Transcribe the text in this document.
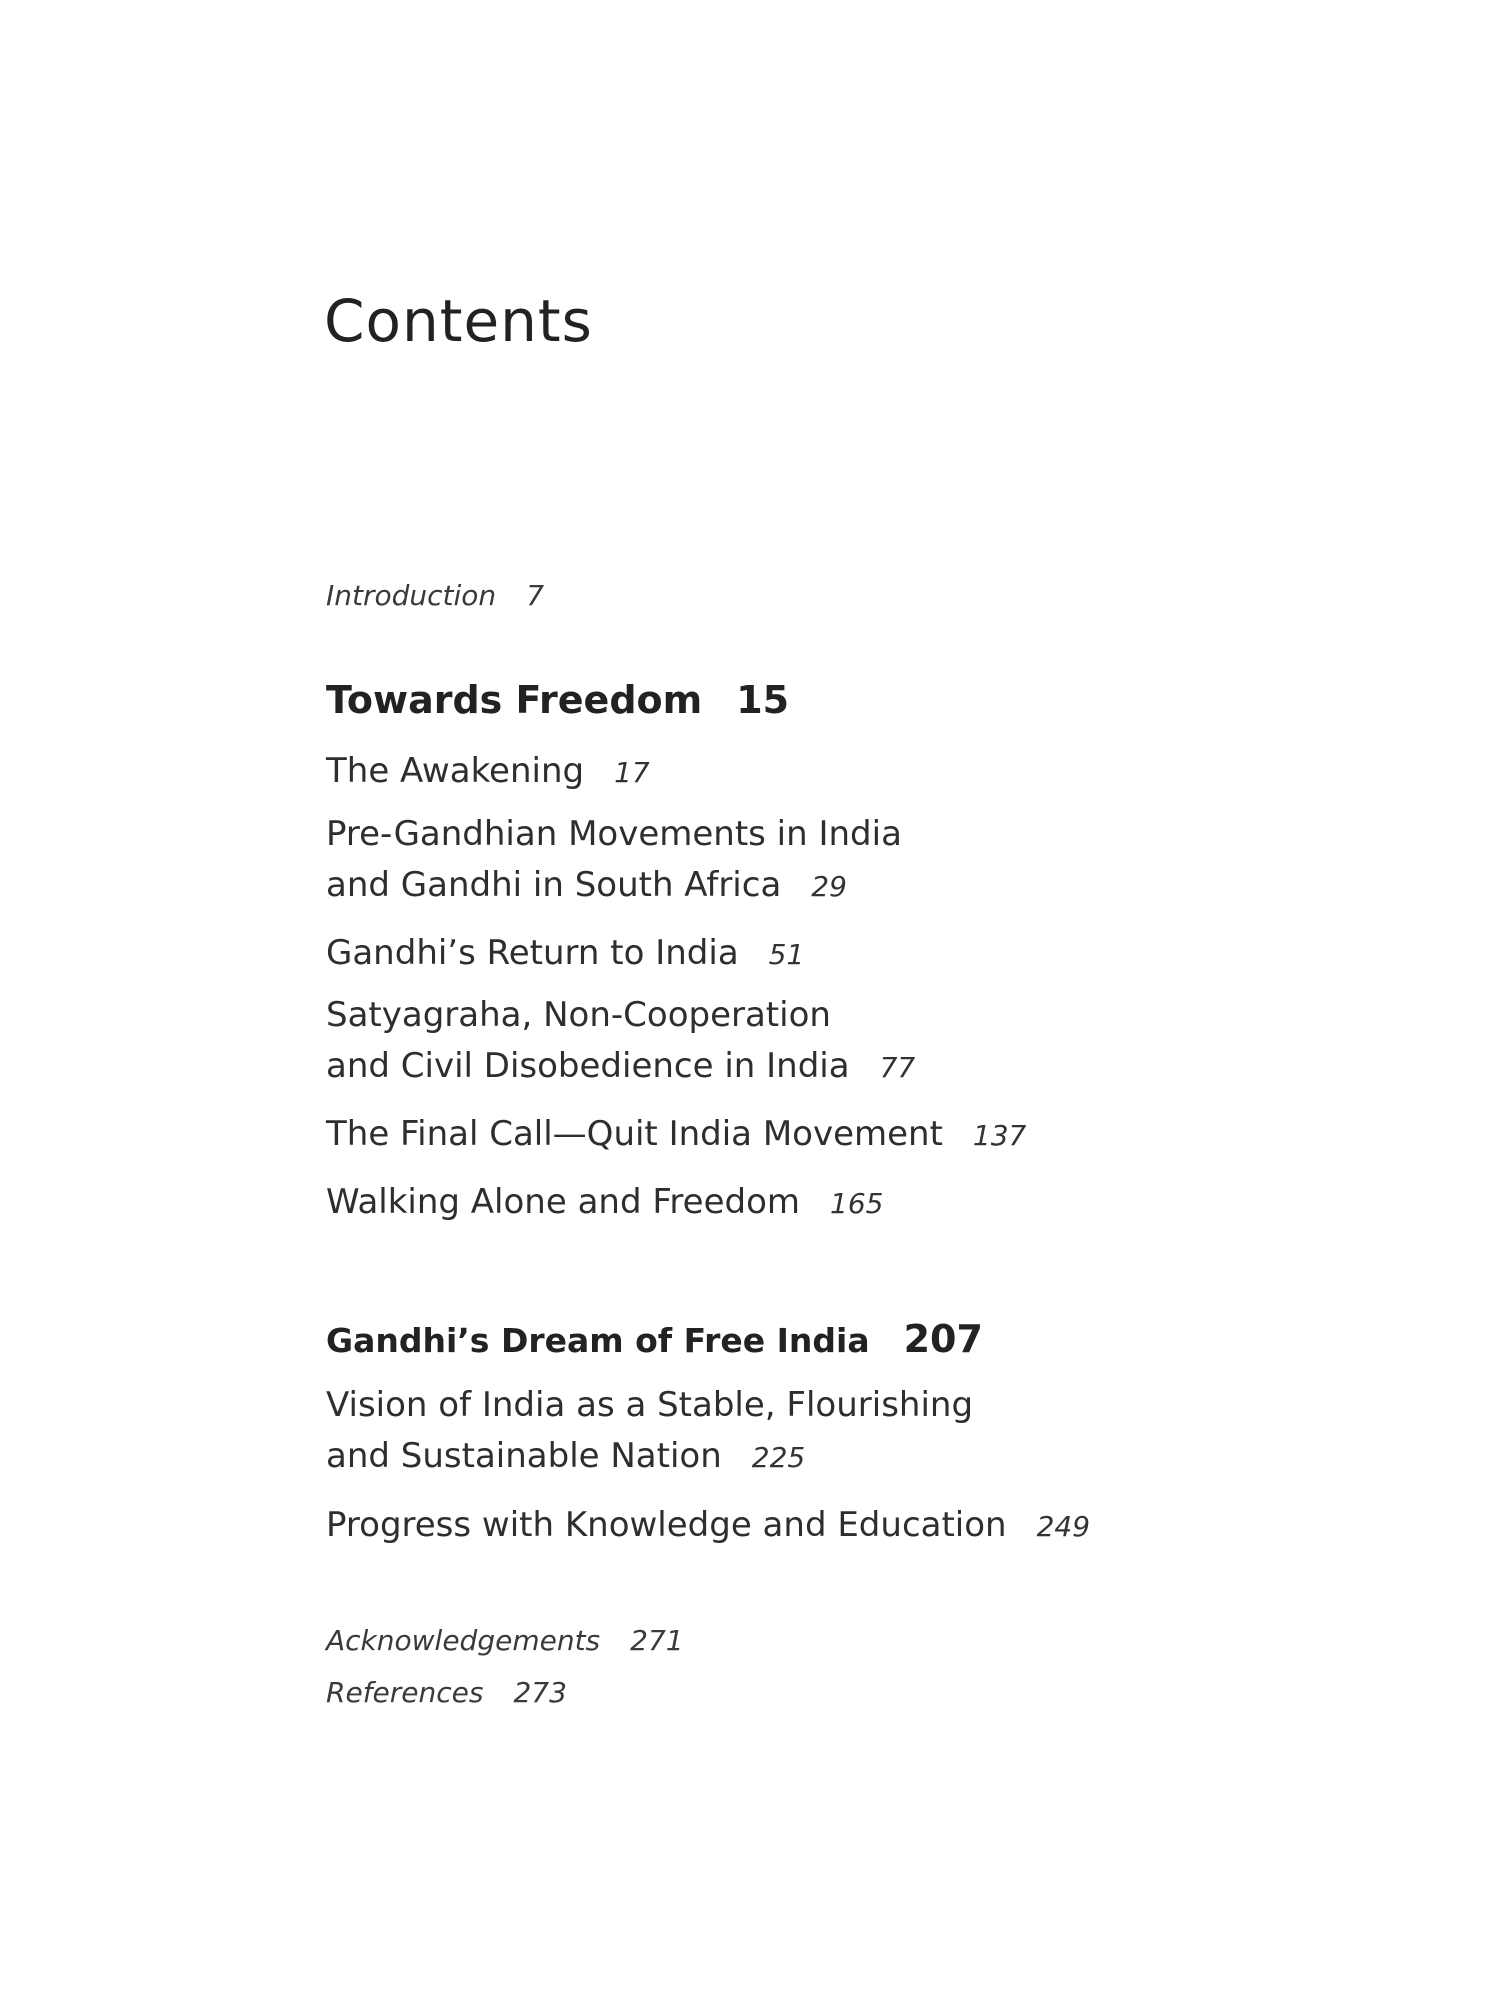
Contents
Introduction 7
Towards Freedom 15
The Awakening 17
Pre-Gandhian Movements in India
and Gandhi in South Africa 29
Gandhi’s Return to India 51
Satyagraha, Non-Cooperation
and Civil Disobedience in India 77
The Final Call—Quit India Movement 137
Walking Alone and Freedom 165
Gandhi’s Dream of Free India 207
Vision of India as a Stable, Flourishing
and Sustainable Nation 225
Progress with Knowledge and Education 249
Acknowledgements 271
References 273
